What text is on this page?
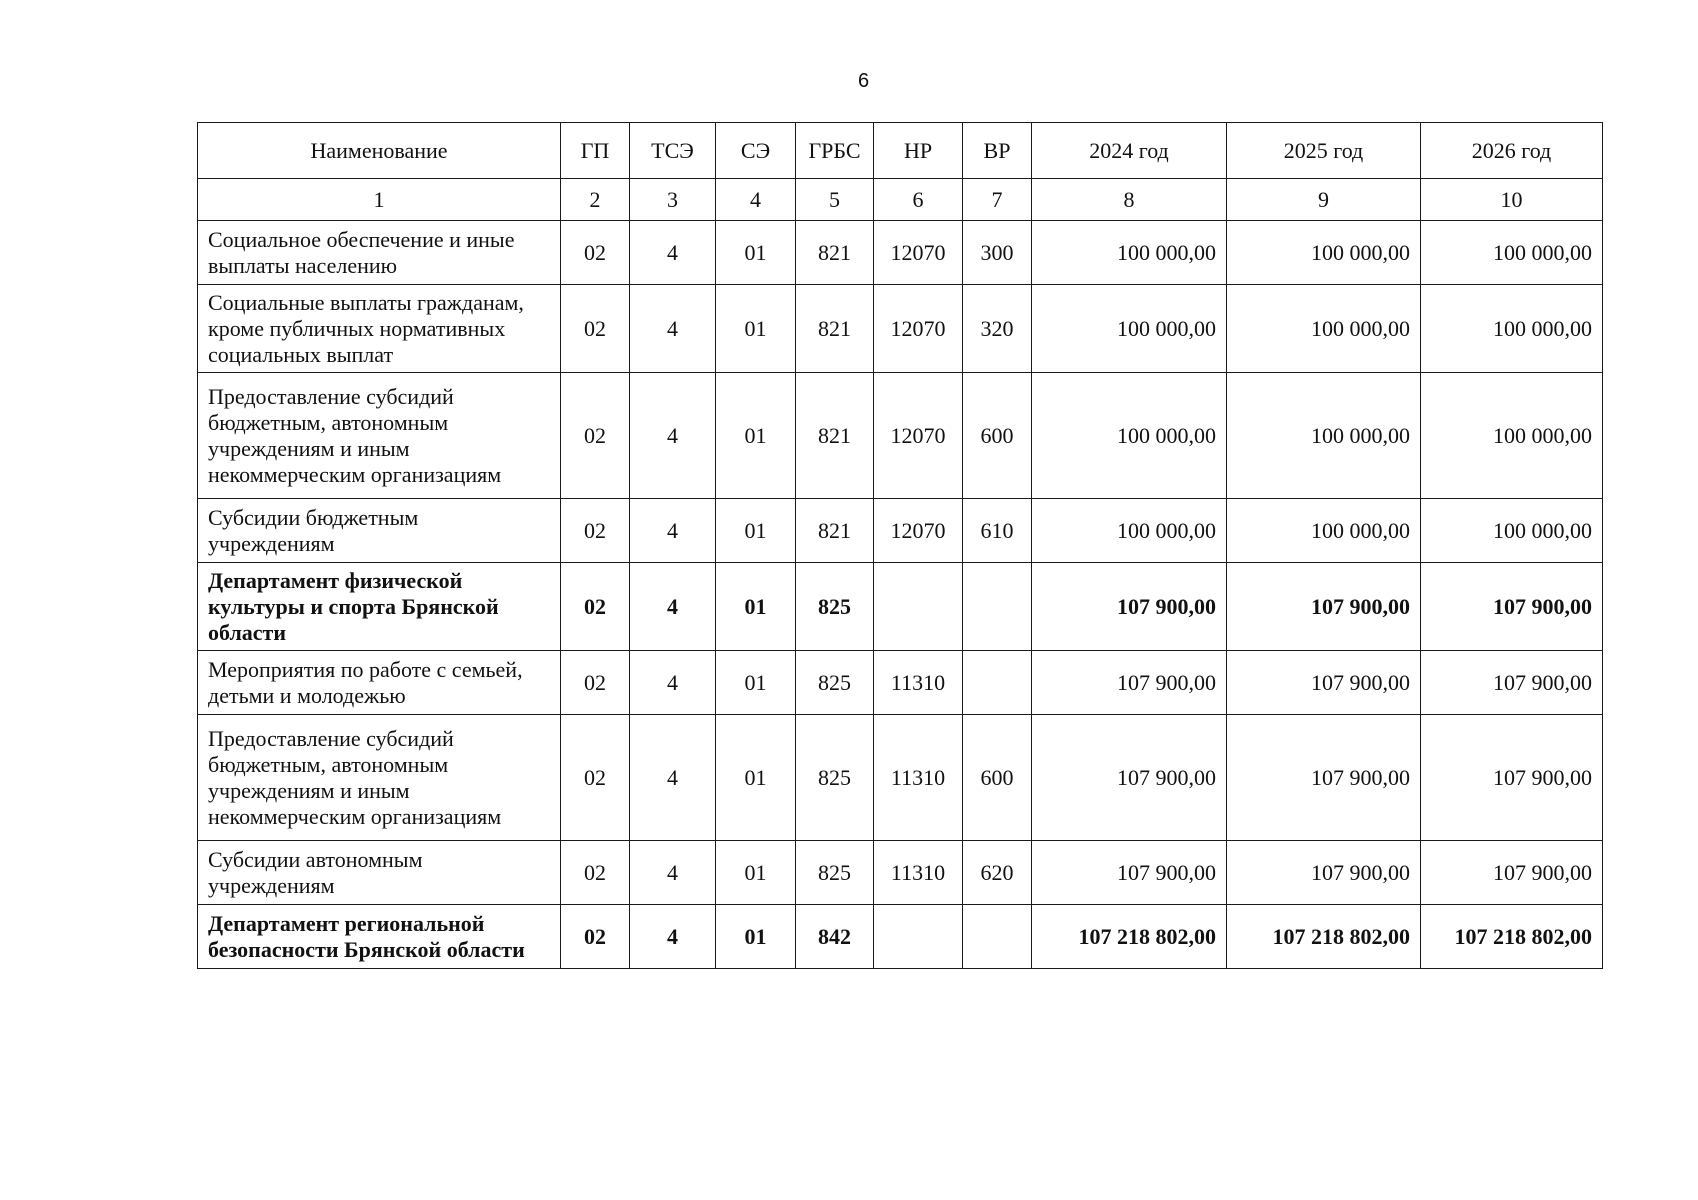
6
Наименование	ГП	ТСЭ	СЭ	ГРБС	НР	ВР	2024 год	2025 год	2026 год
1	2	3	4	5	6	7	8	9	10
Социальное обеспечение и иные выплаты населению	02	4	01	821	12070	300	100 000,00	100 000,00	100 000,00
Социальные выплаты гражданам, кроме публичных нормативных социальных выплат	02	4	01	821	12070	320	100 000,00	100 000,00	100 000,00
Предоставление субсидий бюджетным, автономным учреждениям и иным некоммерческим организациям	02	4	01	821	12070	600	100 000,00	100 000,00	100 000,00
Субсидии бюджетным учреждениям	02	4	01	821	12070	610	100 000,00	100 000,00	100 000,00
Департамент физической культуры и спорта Брянской области	02	4	01	825			107 900,00	107 900,00	107 900,00
Мероприятия по работе с семьей, детьми и молодежью	02	4	01	825	11310		107 900,00	107 900,00	107 900,00
Предоставление субсидий бюджетным, автономным учреждениям и иным некоммерческим организациям	02	4	01	825	11310	600	107 900,00	107 900,00	107 900,00
Субсидии автономным учреждениям	02	4	01	825	11310	620	107 900,00	107 900,00	107 900,00
Департамент региональной безопасности Брянской области	02	4	01	842			107 218 802,00	107 218 802,00	107 218 802,00
